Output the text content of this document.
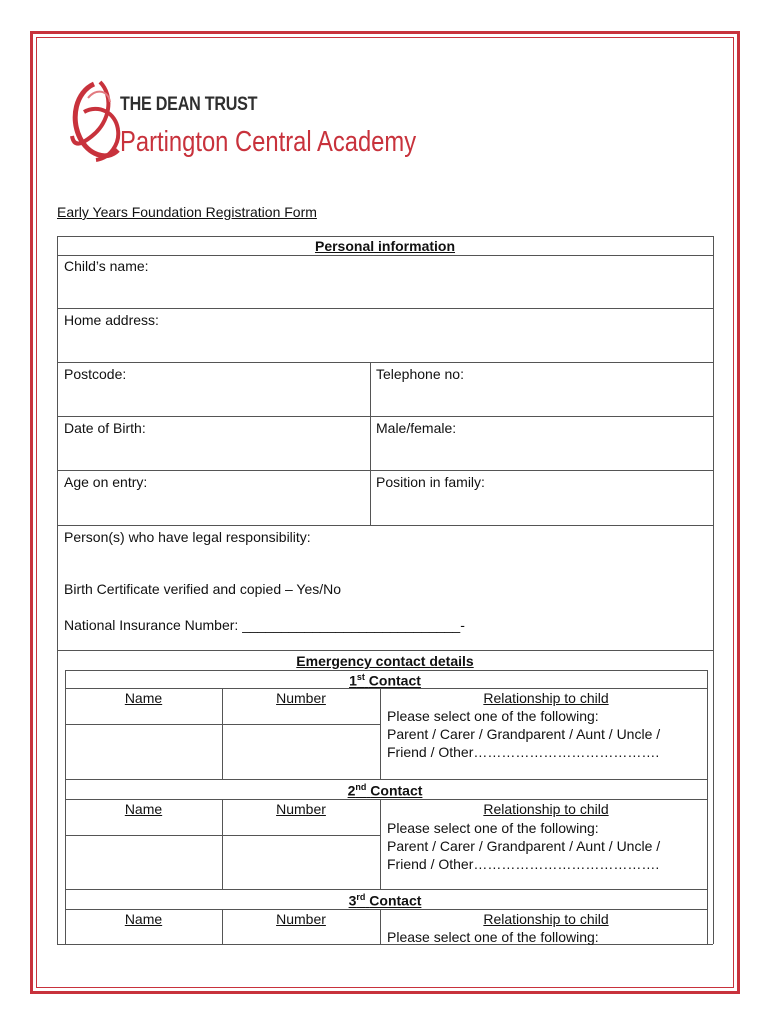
THE DEAN TRUST
Partington Central Academy
Early Years Foundation Registration Form
Personal information
Child’s name:
Home address:
Postcode:	Telephone no:
Date of Birth:	Male/female:
Age on entry:	Position in family:
Person(s) who have legal responsibility:
Birth Certificate verified and copied – Yes/No
National Insurance Number: ____________________________-
Emergency contact details
1st Contact
Name	Number	Relationship to child
Please select one of the following:
Parent / Carer / Grandparent / Aunt / Uncle /
Friend / Other………………………………….
2nd Contact
Name	Number	Relationship to child
Please select one of the following:
Parent / Carer / Grandparent / Aunt / Uncle /
Friend / Other………………………………….
3rd Contact
Name	Number	Relationship to child
Please select one of the following:
